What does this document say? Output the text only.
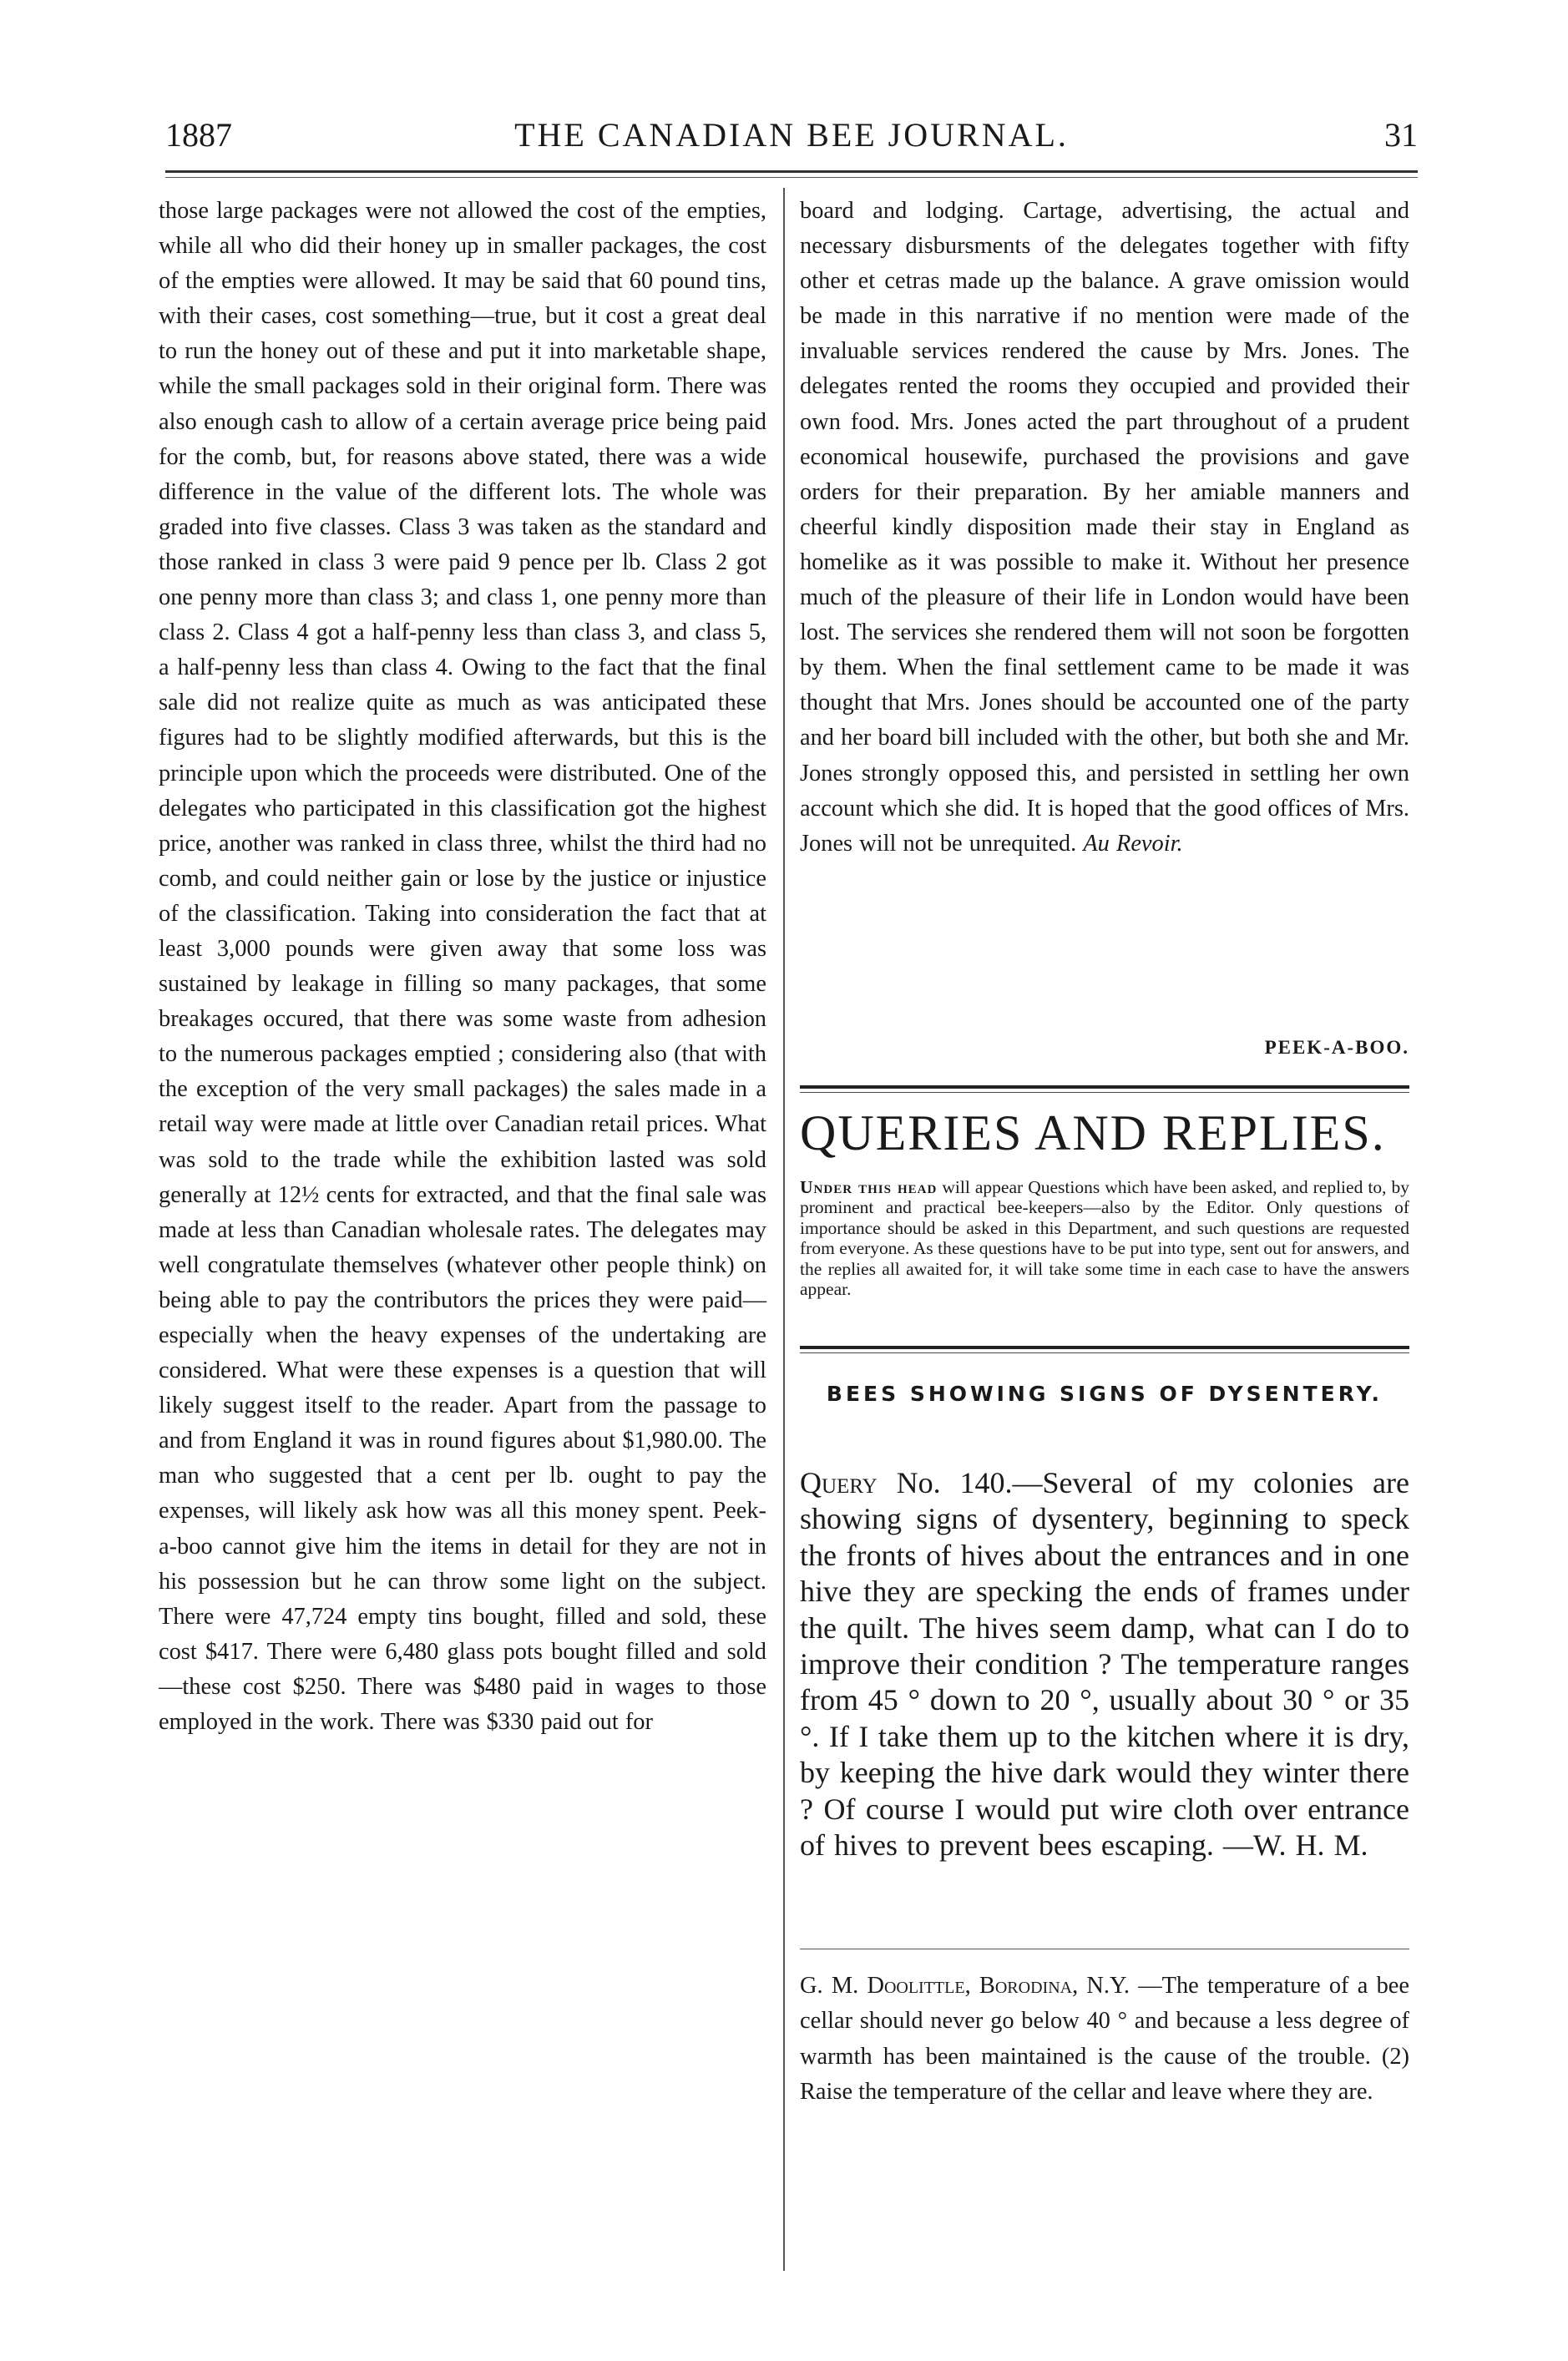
1887	THE CANADIAN BEE JOURNAL.	31
those large packages were not allowed the cost of the empties, while all who did their honey up in smaller packages, the cost of the empties were allowed. It may be said that 60 pound tins, with their cases, cost something—true, but it cost a great deal to run the honey out of these and put it into marketable shape, while the small packages sold in their original form. There was also enough cash to allow of a certain average price being paid for the comb, but, for reasons above stated, there was a wide difference in the value of the different lots. The whole was graded into five classes. Class 3 was taken as the standard and those ranked in class 3 were paid 9 pence per lb. Class 2 got one penny more than class 3; and class 1, one penny more than class 2. Class 4 got a half-penny less than class 3, and class 5, a half-penny less than class 4. Owing to the fact that the final sale did not realize quite as much as was anticipated these figures had to be slightly modified afterwards, but this is the principle upon which the proceeds were distributed. One of the delegates who participated in this classification got the highest price, another was ranked in class three, whilst the third had no comb, and could neither gain or lose by the justice or injustice of the classification. Taking into consideration the fact that at least 3,000 pounds were given away that some loss was sustained by leakage in filling so many packages, that some breakages occured, that there was some waste from adhesion to the numerous packages emptied ; considering also (that with the exception of the very small packages) the sales made in a retail way were made at little over Canadian retail prices. What was sold to the trade while the exhibition lasted was sold generally at 12½ cents for extracted, and that the final sale was made at less than Canadian wholesale rates. The delegates may well congratulate themselves (whatever other people think) on being able to pay the contributors the prices they were paid—especially when the heavy expenses of the undertaking are considered. What were these expenses is a question that will likely suggest itself to the reader. Apart from the passage to and from England it was in round figures about $1,980.00. The man who suggested that a cent per lb. ought to pay the expenses, will likely ask how was all this money spent. Peek-a-boo cannot give him the items in detail for they are not in his possession but he can throw some light on the subject. There were 47,724 empty tins bought, filled and sold, these cost $417. There were 6,480 glass pots bought filled and sold—these cost $250. There was $480 paid in wages to those employed in the work. There was $330 paid out for
board and lodging. Cartage, advertising, the actual and necessary disbursments of the delegates together with fifty other et cetras made up the balance. A grave omission would be made in this narrative if no mention were made of the invaluable services rendered the cause by Mrs. Jones. The delegates rented the rooms they occupied and provided their own food. Mrs. Jones acted the part throughout of a prudent economical housewife, purchased the provisions and gave orders for their preparation. By her amiable manners and cheerful kindly disposition made their stay in England as homelike as it was possible to make it. Without her presence much of the pleasure of their life in London would have been lost. The services she rendered them will not soon be forgotten by them. When the final settlement came to be made it was thought that Mrs. Jones should be accounted one of the party and her board bill included with the other, but both she and Mr. Jones strongly opposed this, and persisted in settling her own account which she did. It is hoped that the good offices of Mrs. Jones will not be unrequited. Au Revoir.
PEEK-A-BOO.
QUERIES AND REPLIES.
Under this head will appear Questions which have been asked, and replied to, by prominent and practical bee-keepers—also by the Editor. Only questions of importance should be asked in this Department, and such questions are requested from everyone. As these questions have to be put into type, sent out for answers, and the replies all awaited for, it will take some time in each case to have the answers appear.
BEES SHOWING SIGNS OF DYSENTERY.
Query No. 140.—Several of my colonies are showing signs of dysentery, beginning to speck the fronts of hives about the entrances and in one hive they are specking the ends of frames under the quilt. The hives seem damp, what can I do to improve their condition ? The temperature ranges from 45 ° down to 20 °, usually about 30 ° or 35 °. If I take them up to the kitchen where it is dry, by keeping the hive dark would they winter there ? Of course I would put wire cloth over entrance of hives to prevent bees escaping. —W. H. M.
G. M. Doolittle, Borodina, N.Y. —The temperature of a bee cellar should never go below 40 ° and because a less degree of warmth has been maintained is the cause of the trouble. (2) Raise the temperature of the cellar and leave where they are.
